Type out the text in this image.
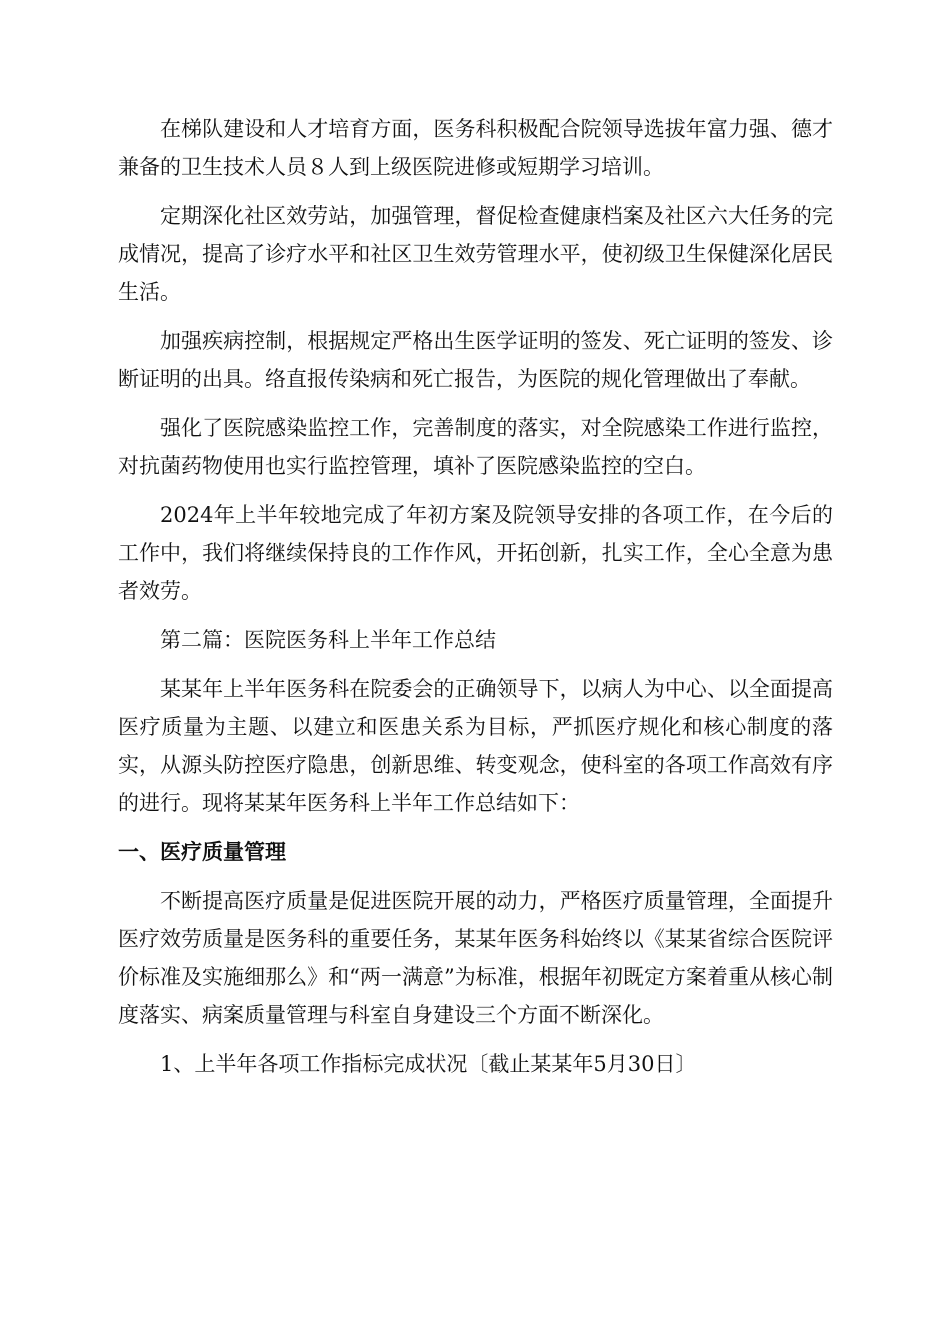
在梯队建设和人才培育方面，医务科积极配合院领导选拔年富力强、德才兼备的卫生技术人员８人到上级医院进修或短期学习培训。

定期深化社区效劳站，加强管理，督促检查健康档案及社区六大任务的完成情况，提高了诊疗水平和社区卫生效劳管理水平，使初级卫生保健深化居民生活。

加强疾病控制，根据规定严格出生医学证明的签发、死亡证明的签发、诊断证明的出具。络直报传染病和死亡报告，为医院的规化管理做出了奉献。

强化了医院感染监控工作，完善制度的落实，对全院感染工作进行监控，对抗菌药物使用也实行监控管理，填补了医院感染监控的空白。

2024年上半年较地完成了年初方案及院领导安排的各项工作，在今后的工作中，我们将继续保持良的工作作风，开拓创新，扎实工作，全心全意为患者效劳。

第二篇：医院医务科上半年工作总结

某某年上半年医务科在院委会的正确领导下，以病人为中心、以全面提高医疗质量为主题、以建立和医患关系为目标，严抓医疗规化和核心制度的落实，从源头防控医疗隐患，创新思维、转变观念，使科室的各项工作高效有序的进行。现将某某年医务科上半年工作总结如下：

一、医疗质量管理

不断提高医疗质量是促进医院开展的动力，严格医疗质量管理，全面提升医疗效劳质量是医务科的重要任务，某某年医务科始终以《某某省综合医院评价标准及实施细那么》和“两一满意”为标准，根据年初既定方案着重从核心制度落实、病案质量管理与科室自身建设三个方面不断深化。

1、上半年各项工作指标完成状况〔截止某某年5月30日〕
